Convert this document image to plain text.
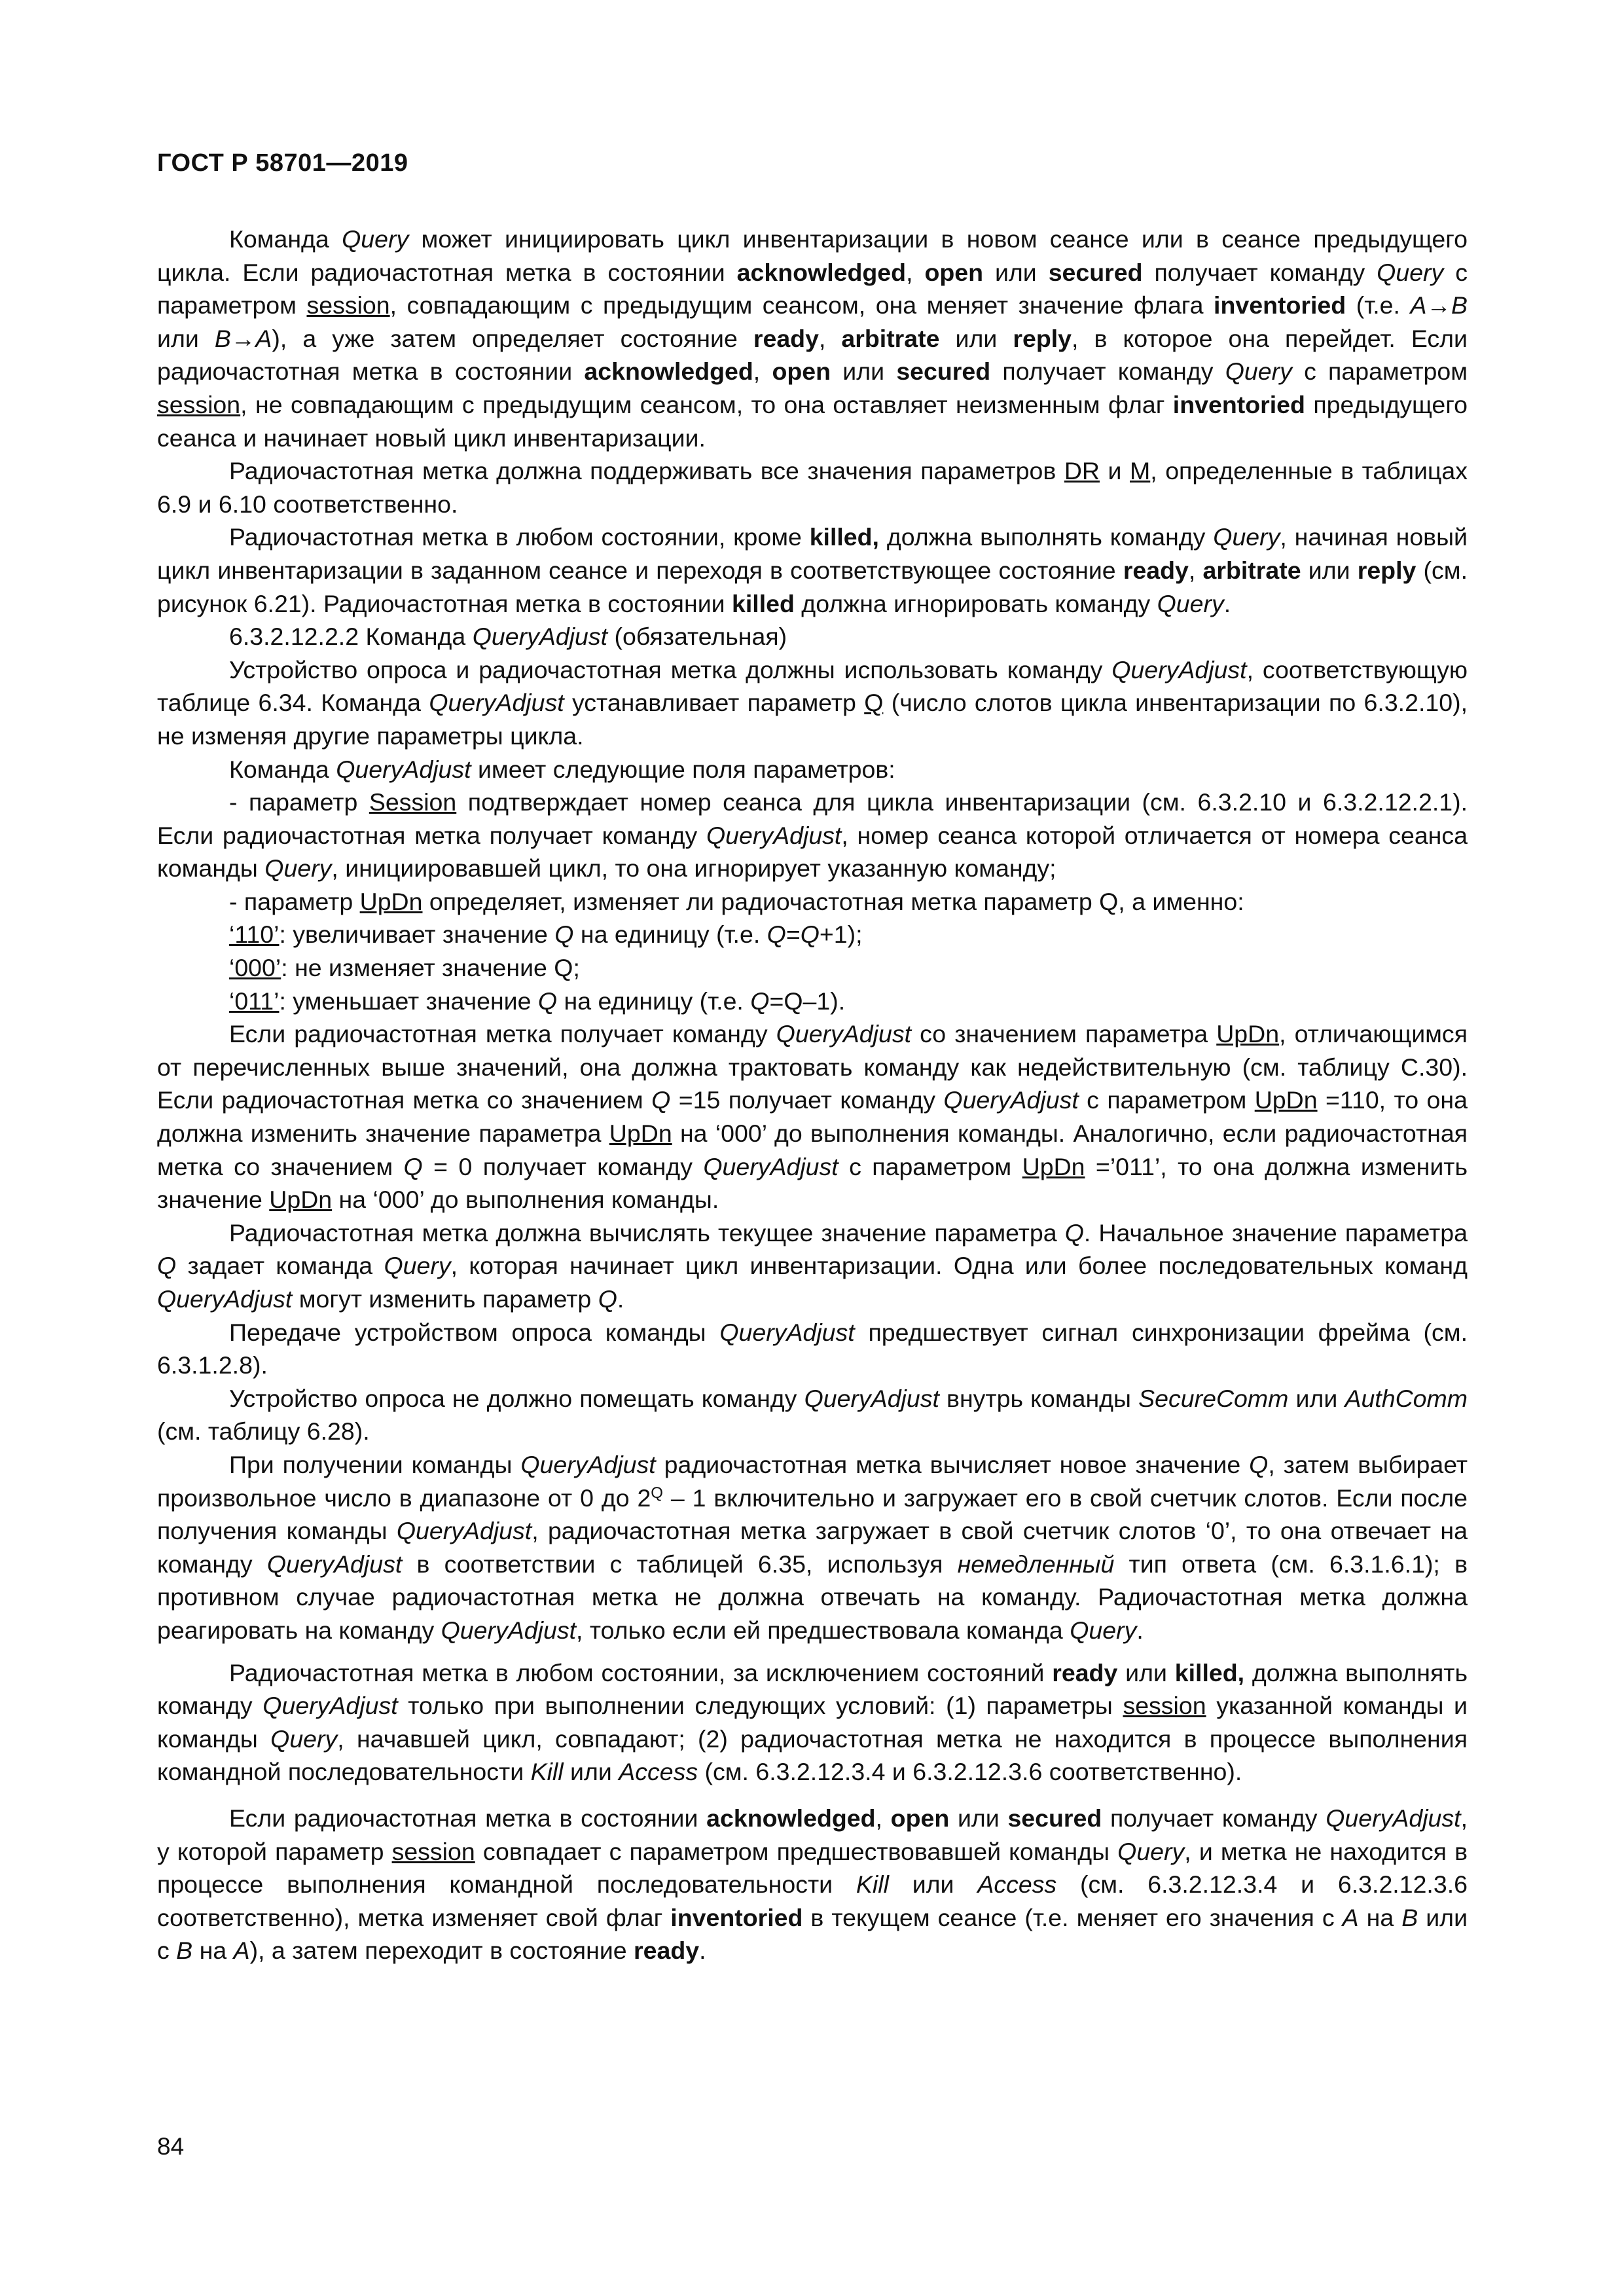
ГОСТ Р 58701—2019
Команда Query может инициировать цикл инвентаризации в новом сеансе или в сеансе предыдущего цикла. Если радиочастотная метка в состоянии acknowledged, open или secured получает команду Query с параметром session, совпадающим с предыдущим сеансом, она меняет значение флага inventoried (т.е. A→B или B→A), а уже затем определяет состояние ready, arbitrate или reply, в которое она перейдет. Если радиочастотная метка в состоянии acknowledged, open или secured получает команду Query с параметром session, не совпадающим с предыдущим сеансом, то она оставляет неизменным флаг inventoried предыдущего сеанса и начинает новый цикл инвентаризации.
Радиочастотная метка должна поддерживать все значения параметров DR и M, определенные в таблицах 6.9 и 6.10 соответственно.
Радиочастотная метка в любом состоянии, кроме killed, должна выполнять команду Query, начиная новый цикл инвентаризации в заданном сеансе и переходя в соответствующее состояние ready, arbitrate или reply (см. рисунок 6.21). Радиочастотная метка в состоянии killed должна игнорировать команду Query.
6.3.2.12.2.2 Команда QueryAdjust (обязательная)
Устройство опроса и радиочастотная метка должны использовать команду QueryAdjust, соответствующую таблице 6.34. Команда QueryAdjust устанавливает параметр Q (число слотов цикла инвентаризации по 6.3.2.10), не изменяя другие параметры цикла.
Команда QueryAdjust имеет следующие поля параметров:
- параметр Session подтверждает номер сеанса для цикла инвентаризации (см. 6.3.2.10 и 6.3.2.12.2.1). Если радиочастотная метка получает команду QueryAdjust, номер сеанса которой отличается от номера сеанса команды Query, инициировавшей цикл, то она игнорирует указанную команду;
- параметр UpDn определяет, изменяет ли радиочастотная метка параметр Q, а именно:
‘110’: увеличивает значение Q на единицу (т.е. Q=Q+1);
‘000’: не изменяет значение Q;
‘011’: уменьшает значение Q на единицу (т.е. Q=Q–1).
Если радиочастотная метка получает команду QueryAdjust со значением параметра UpDn, отличающимся от перечисленных выше значений, она должна трактовать команду как недействительную (см. таблицу С.30). Если радиочастотная метка со значением Q =15 получает команду QueryAdjust с параметром UpDn =110, то она должна изменить значение параметра UpDn на ‘000’ до выполнения команды. Аналогично, если радиочастотная метка со значением Q = 0 получает команду QueryAdjust с параметром UpDn =’011’, то она должна изменить значение UpDn на ‘000’ до выполнения команды.
Радиочастотная метка должна вычислять текущее значение параметра Q. Начальное значение параметра Q задает команда Query, которая начинает цикл инвентаризации. Одна или более последовательных команд QueryAdjust могут изменить параметр Q.
Передаче устройством опроса команды QueryAdjust предшествует сигнал синхронизации фрейма (см. 6.3.1.2.8).
Устройство опроса не должно помещать команду QueryAdjust внутрь команды SecureComm или AuthComm (см. таблицу 6.28).
При получении команды QueryAdjust радиочастотная метка вычисляет новое значение Q, затем выбирает произвольное число в диапазоне от 0 до $2^Q - 1$ включительно и загружает его в свой счетчик слотов. Если после получения команды QueryAdjust, радиочастотная метка загружает в свой счетчик слотов ‘0’, то она отвечает на команду QueryAdjust в соответствии с таблицей 6.35, используя немедленный тип ответа (см. 6.3.1.6.1); в противном случае радиочастотная метка не должна отвечать на команду. Радиочастотная метка должна реагировать на команду QueryAdjust, только если ей предшествовала команда Query.
Радиочастотная метка в любом состоянии, за исключением состояний ready или killed, должна выполнять команду QueryAdjust только при выполнении следующих условий: (1) параметры session указанной команды и команды Query, начавшей цикл, совпадают; (2) радиочастотная метка не находится в процессе выполнения командной последовательности Kill или Access (см. 6.3.2.12.3.4 и 6.3.2.12.3.6 соответственно).
Если радиочастотная метка в состоянии acknowledged, open или secured получает команду QueryAdjust, у которой параметр session совпадает с параметром предшествовавшей команды Query, и метка не находится в процессе выполнения командной последовательности Kill или Access (см. 6.3.2.12.3.4 и 6.3.2.12.3.6 соответственно), метка изменяет свой флаг inventoried в текущем сеансе (т.е. меняет его значения с A на B или с B на A), а затем переходит в состояние ready.
84
